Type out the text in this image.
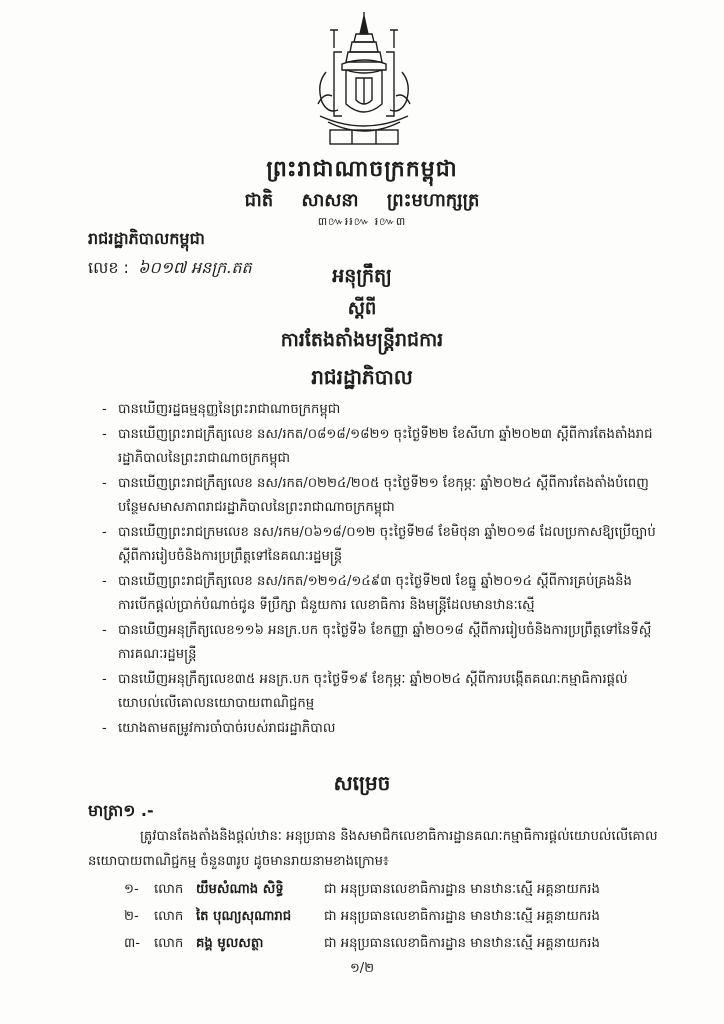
ព្រះរាជាណាចក្រកម្ពុជា
ជាតិ សាសនា ព្រះមហាក្សត្រ
៣៚៛៛៚ ៛៚៣
រាជរដ្ឋាភិបាលកម្ពុជា
លេខ : ៦០១៧ អនក្រ.តត	អនុក្រឹត្យ
ស្ដីពី
ការតែងតាំងមន្ត្រីរាជការ
រាជរដ្ឋាភិបាល
- បានឃើញរដ្ឋធម្មនុញ្ញនៃព្រះរាជាណាចក្រកម្ពុជា
- បានឃើញព្រះរាជក្រឹត្យលេខ នស/រកត/០៨១៨/១៨២១ ចុះថ្ងៃទី២២ ខែសីហា ឆ្នាំ២០២៣ ស្ដីពីការតែងតាំងរាជរដ្ឋាភិបាលនៃព្រះរាជាណាចក្រកម្ពុជា
- បានឃើញព្រះរាជក្រឹត្យលេខ នស/រកត/០២២៤/២០៥ ចុះថ្ងៃទី២១ ខែកុម្ភៈ ឆ្នាំ២០២៤ ស្ដីពីការតែងតាំងបំពេញបន្ថែមសមាសភាពរាជរដ្ឋាភិបាលនៃព្រះរាជាណាចក្រកម្ពុជា
- បានឃើញព្រះរាជក្រមលេខ នស/រកម/០៦១៨/០១២ ចុះថ្ងៃទី២៨ ខែមិថុនា ឆ្នាំ២០១៨ ដែលប្រកាសឱ្យប្រើច្បាប់ស្ដីពីការរៀបចំនិងការប្រព្រឹត្តទៅនៃគណៈរដ្ឋមន្ត្រី
- បានឃើញព្រះរាជក្រឹត្យលេខ នស/រកត/១២១៤/១៤៩៣ ចុះថ្ងៃទី២៧ ខែធ្នូ ឆ្នាំ២០១៤ ស្ដីពីការគ្រប់គ្រងនិងការបើកផ្តល់ប្រាក់បំណាច់ជូន ទីប្រឹក្សា ជំនួយការ លេខាធិការ និងមន្ត្រីដែលមានឋានៈស្មើ
- បានឃើញអនុក្រឹត្យលេខ១១៦ អនក្រ.បក ចុះថ្ងៃទី៦ ខែកញ្ញា ឆ្នាំ២០១៨ ស្ដីពីការរៀបចំនិងការប្រព្រឹត្តទៅនៃទីស្ដីការគណៈរដ្ឋមន្ត្រី
- បានឃើញអនុក្រឹត្យលេខ៣៥ អនក្រ.បក ចុះថ្ងៃទី១៩ ខែកុម្ភៈ ឆ្នាំ២០២៤ ស្ដីពីការបង្កើតគណៈកម្មាធិការផ្តល់យោបល់លើគោលនយោបាយពាណិជ្ជកម្ម
- យោងតាមតម្រូវការចាំបាច់របស់រាជរដ្ឋាភិបាល
សម្រេច
មាត្រា១ .-
ត្រូវបានតែងតាំងនិងផ្តល់ឋានៈ អនុប្រធាន និងសមាជិកលេខាធិការដ្ឋានគណៈកម្មាធិការផ្តល់យោបល់លើគោលនយោបាយពាណិជ្ជកម្ម ចំនួន៣រូប ដូចមានរាយនាមខាងក្រោម៖
១- លោក យឹមសំណាង សិទ្ធិ	ជា អនុប្រធានលេខាធិការដ្ឋាន មានឋានៈស្មើ អគ្គនាយករង
២- លោក តៃ បុណ្យសុណារាជ ជា អនុប្រធានលេខាធិការដ្ឋាន មានឋានៈស្មើ អគ្គនាយករង
៣- លោក គង្គ មូលសត្ថា	ជា អនុប្រធានលេខាធិការដ្ឋាន មានឋានៈស្មើ អគ្គនាយករង
១/២
